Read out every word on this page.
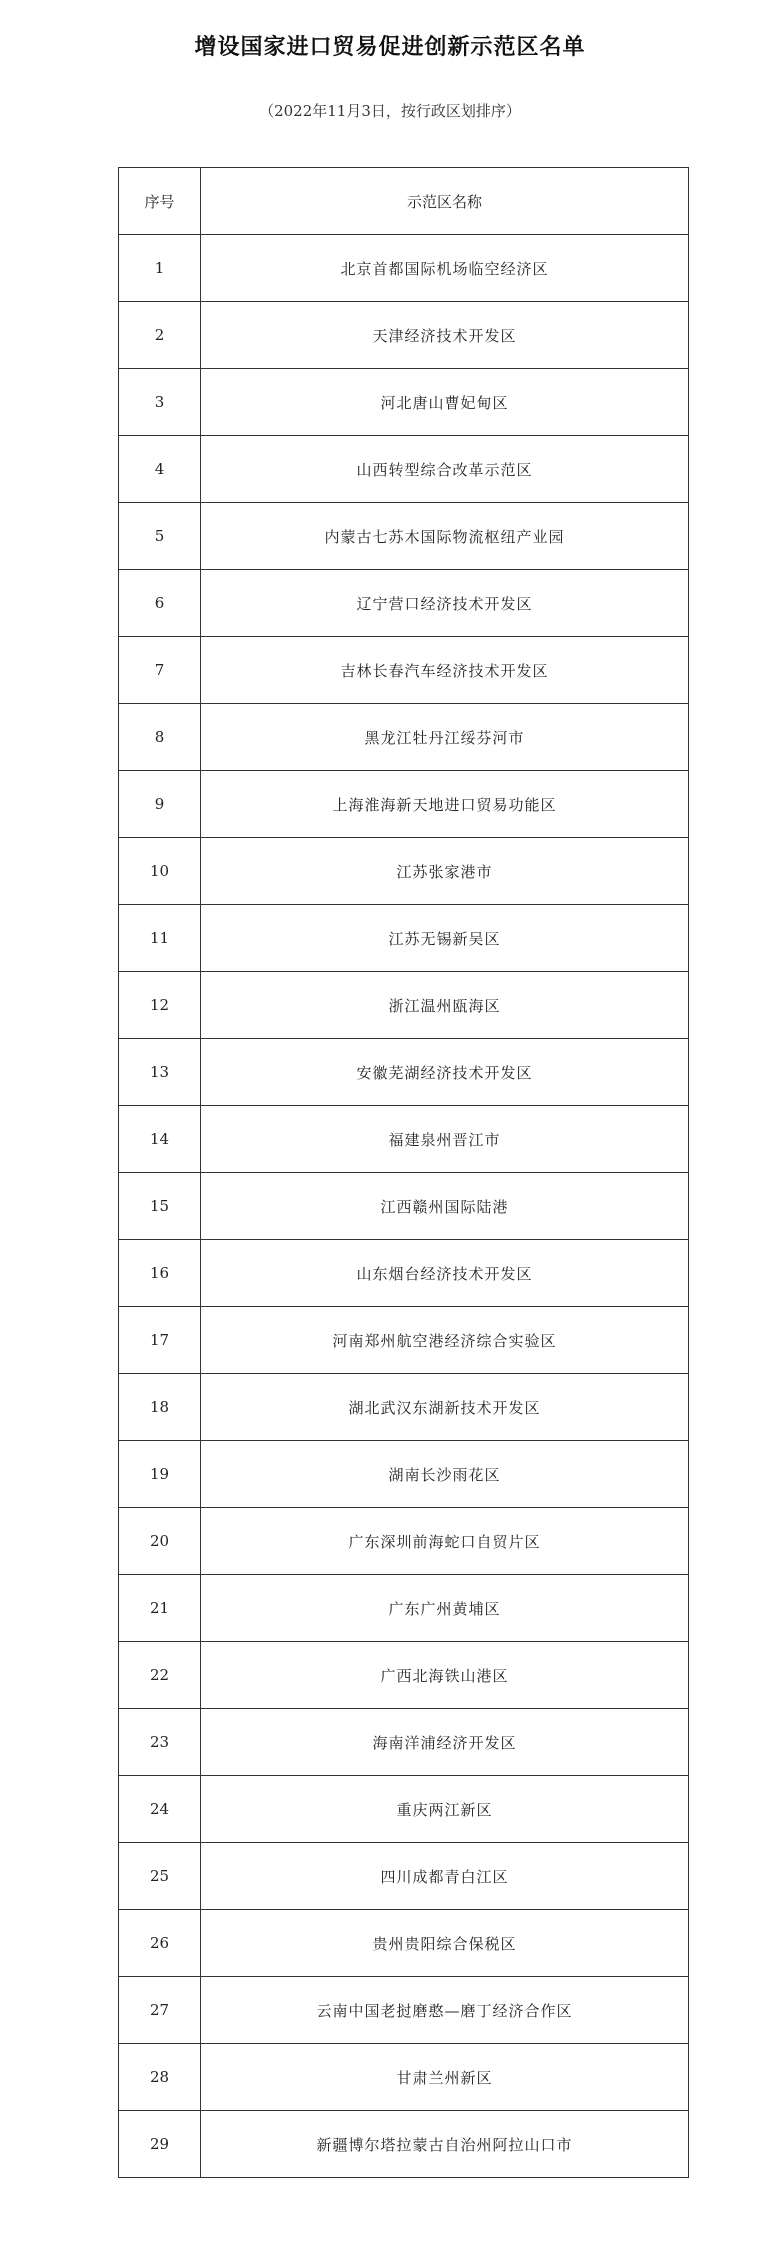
增设国家进口贸易促进创新示范区名单
（2022年11月3日，按行政区划排序）
序号	示范区名称
1	北京首都国际机场临空经济区
2	天津经济技术开发区
3	河北唐山曹妃甸区
4	山西转型综合改革示范区
5	内蒙古七苏木国际物流枢纽产业园
6	辽宁营口经济技术开发区
7	吉林长春汽车经济技术开发区
8	黑龙江牡丹江绥芬河市
9	上海淮海新天地进口贸易功能区
10	江苏张家港市
11	江苏无锡新吴区
12	浙江温州瓯海区
13	安徽芜湖经济技术开发区
14	福建泉州晋江市
15	江西赣州国际陆港
16	山东烟台经济技术开发区
17	河南郑州航空港经济综合实验区
18	湖北武汉东湖新技术开发区
19	湖南长沙雨花区
20	广东深圳前海蛇口自贸片区
21	广东广州黄埔区
22	广西北海铁山港区
23	海南洋浦经济开发区
24	重庆两江新区
25	四川成都青白江区
26	贵州贵阳综合保税区
27	云南中国老挝磨憨—磨丁经济合作区
28	甘肃兰州新区
29	新疆博尔塔拉蒙古自治州阿拉山口市
